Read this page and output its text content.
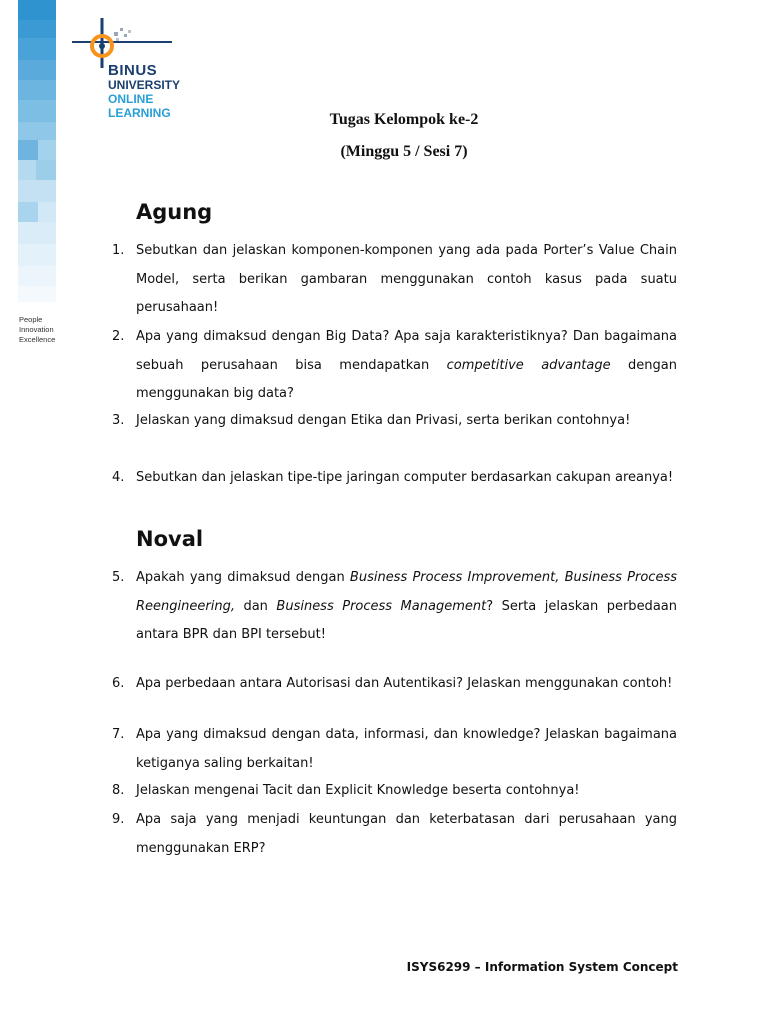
BINUS
UNIVERSITY
ONLINE
LEARNING
People
Innovation
Excellence
Tugas Kelompok ke-2
(Minggu 5 / Sesi 7)
Agung
1. Sebutkan dan jelaskan komponen-komponen yang ada pada Porter’s Value Chain Model, serta berikan gambaran menggunakan contoh kasus pada suatu perusahaan!
2. Apa yang dimaksud dengan Big Data? Apa saja karakteristiknya? Dan bagaimana sebuah perusahaan bisa mendapatkan competitive advantage dengan menggunakan big data?
3. Jelaskan yang dimaksud dengan Etika dan Privasi, serta berikan contohnya!
4. Sebutkan dan jelaskan tipe-tipe jaringan computer berdasarkan cakupan areanya!
Noval
5. Apakah yang dimaksud dengan Business Process Improvement, Business Process Reengineering, dan Business Process Management? Serta jelaskan perbedaan antara BPR dan BPI tersebut!
6. Apa perbedaan antara Autorisasi dan Autentikasi? Jelaskan menggunakan contoh!
7. Apa yang dimaksud dengan data, informasi, dan knowledge? Jelaskan bagaimana ketiganya saling berkaitan!
8. Jelaskan mengenai Tacit dan Explicit Knowledge beserta contohnya!
9. Apa saja yang menjadi keuntungan dan keterbatasan dari perusahaan yang menggunakan ERP?
ISYS6299 – Information System Concept
